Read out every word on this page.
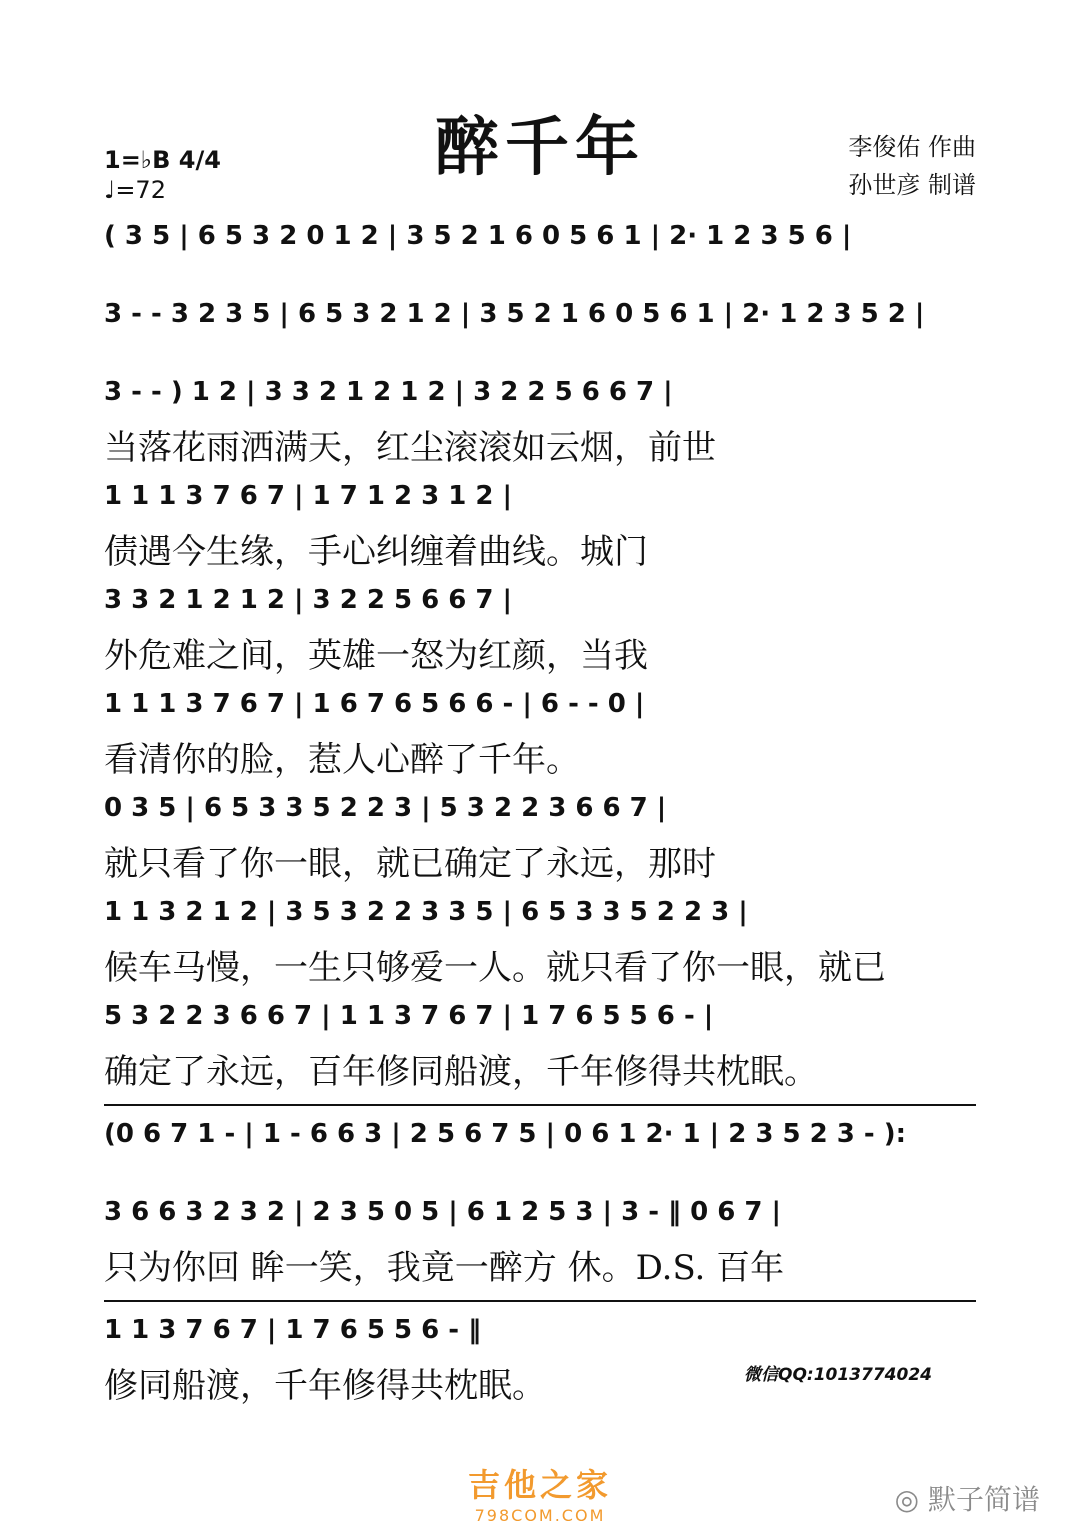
醉千年
1=♭B 4/4
♩=72
李俊佑 作曲
孙世彦 制谱
( 3 5 | 6 5 3 2 0 1 2 | 3 5 2 1 6 0 5 6 1 | 2· 1 2 3 5 6 |
3 - - 3 2 3 5 | 6 5 3 2 1 2 | 3 5 2 1 6 0 5 6 1 | 2· 1 2 3 5 2 |
3 - - ) 1 2 | 3 3 2 1 2 1 2 | 3 2 2 5 6 6 7 |
当落花雨洒满天，红尘滚滚如云烟，前世
1 1 1 3 7 6 7 | 1 7 1 2 3 1 2 |
债遇今生缘，手心纠缠着曲线。城门
3 3 2 1 2 1 2 | 3 2 2 5 6 6 7 |
外危难之间，英雄一怒为红颜，当我
1 1 1 3 7 6 7 | 1 6 7 6 5 6 6 - | 6 - - 0 |
看清你的脸，惹人心醉了千年。
0 3 5 | 6 5 3 3 5 2 2 3 | 5 3 2 2 3 6 6 7 |
就只看了你一眼，就已确定了永远，那时
1 1 3 2 1 2 | 3 5 3 2 2 3 3 5 | 6 5 3 3 5 2 2 3 |
候车马慢，一生只够爱一人。就只看了你一眼，就已
5 3 2 2 3 6 6 7 | 1 1 3 7 6 7 | 1 7 6 5 5 6 - |
确定了永远，百年修同船渡，千年修得共枕眠。
(0 6 7 1 - | 1 - 6 6 3 | 2 5 6 7 5 | 0 6 1 2· 1 | 2 3 5 2 3 - ):
3 6 6 3 2 3 2 | 2 3 5 0 5 | 6 1 2 5 3 | 3 - ‖ 0 6 7 |
只为你回 眸一笑，我竟一醉方 休。D.S. 百年
1 1 3 7 6 7 | 1 7 6 5 5 6 - ‖
修同船渡，千年修得共枕眠。	微信QQ:1013774024
吉他之家
798COM.COM	◎ 默子简谱
